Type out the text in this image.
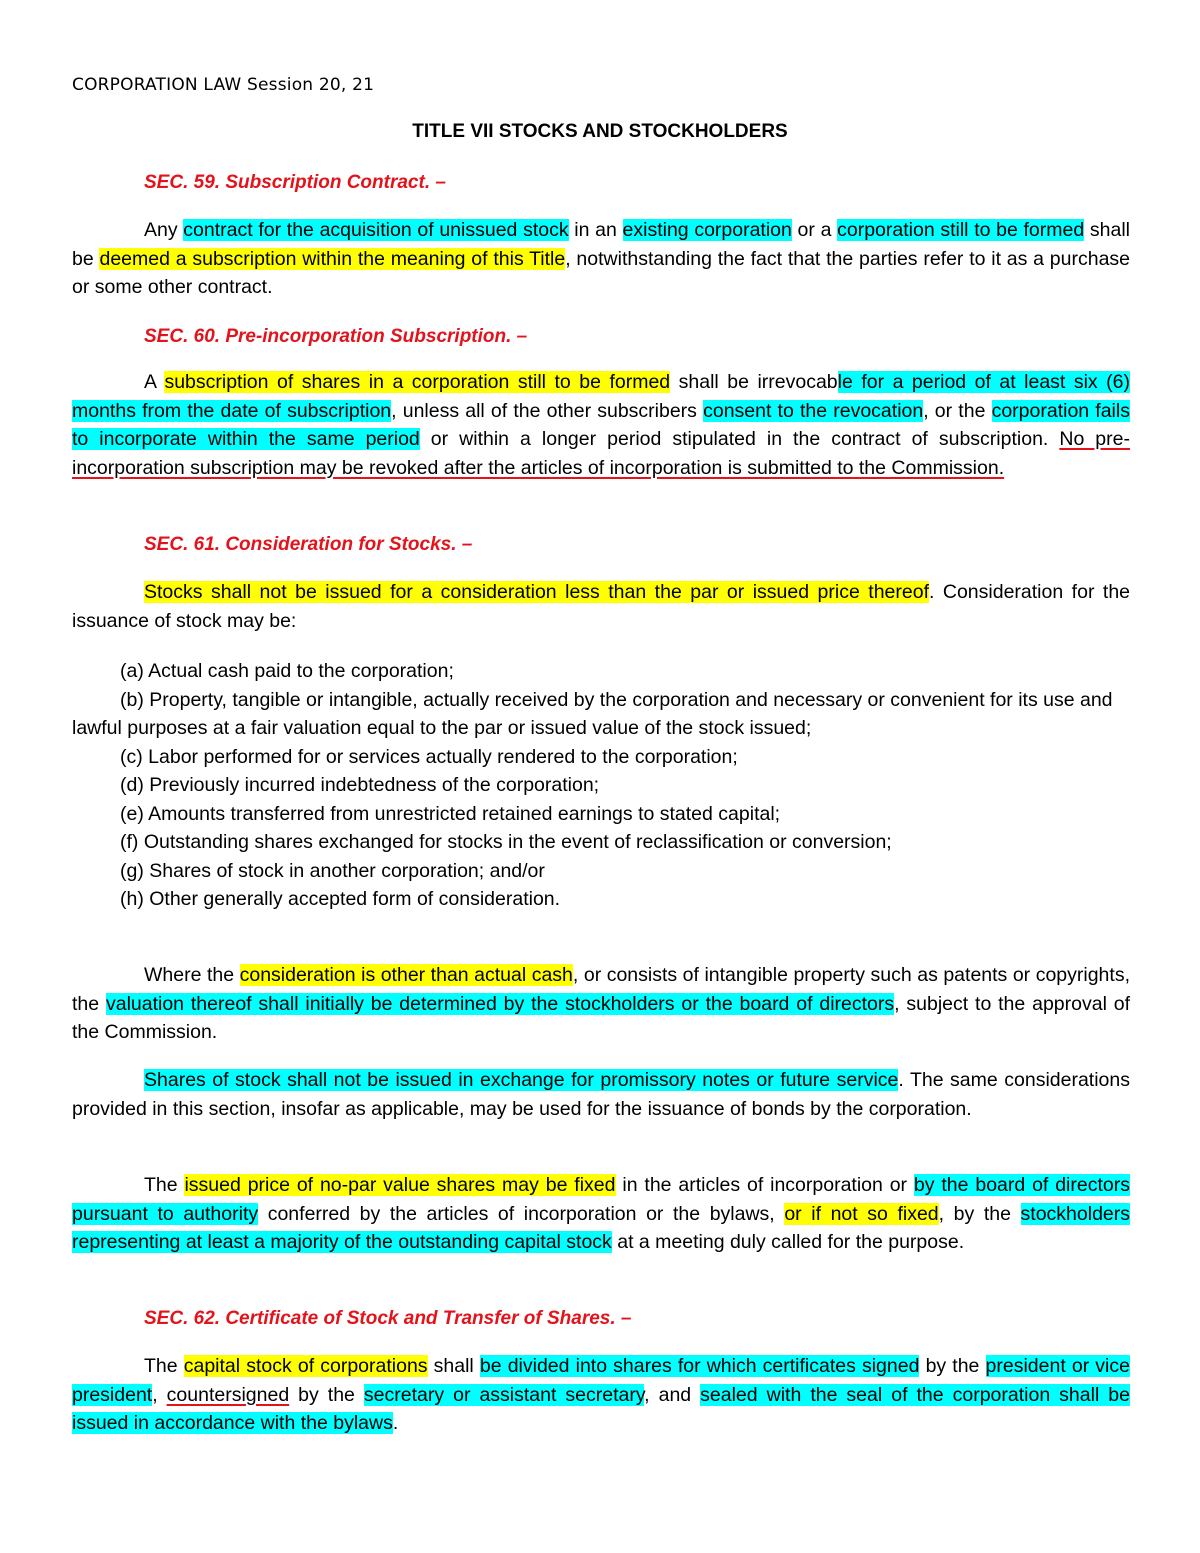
CORPORATION LAW Session 20, 21
TITLE VII STOCKS AND STOCKHOLDERS
SEC. 59. Subscription Contract. –
Any contract for the acquisition of unissued stock in an existing corporation or a corporation still to be formed shall be deemed a subscription within the meaning of this Title, notwithstanding the fact that the parties refer to it as a purchase or some other contract.
SEC. 60. Pre-incorporation Subscription. –
A subscription of shares in a corporation still to be formed shall be irrevocable for a period of at least six (6) months from the date of subscription, unless all of the other subscribers consent to the revocation, or the corporation fails to incorporate within the same period or within a longer period stipulated in the contract of subscription. No pre-incorporation subscription may be revoked after the articles of incorporation is submitted to the Commission.
SEC. 61. Consideration for Stocks. –
Stocks shall not be issued for a consideration less than the par or issued price thereof. Consideration for the issuance of stock may be:
(a) Actual cash paid to the corporation;
(b) Property, tangible or intangible, actually received by the corporation and necessary or convenient for its use and lawful purposes at a fair valuation equal to the par or issued value of the stock issued;
(c) Labor performed for or services actually rendered to the corporation;
(d) Previously incurred indebtedness of the corporation;
(e) Amounts transferred from unrestricted retained earnings to stated capital;
(f) Outstanding shares exchanged for stocks in the event of reclassification or conversion;
(g) Shares of stock in another corporation; and/or
(h) Other generally accepted form of consideration.
Where the consideration is other than actual cash, or consists of intangible property such as patents or copyrights, the valuation thereof shall initially be determined by the stockholders or the board of directors, subject to the approval of the Commission.
Shares of stock shall not be issued in exchange for promissory notes or future service. The same considerations provided in this section, insofar as applicable, may be used for the issuance of bonds by the corporation.
The issued price of no-par value shares may be fixed in the articles of incorporation or by the board of directors pursuant to authority conferred by the articles of incorporation or the bylaws, or if not so fixed, by the stockholders representing at least a majority of the outstanding capital stock at a meeting duly called for the purpose.
SEC. 62. Certificate of Stock and Transfer of Shares. –
The capital stock of corporations shall be divided into shares for which certificates signed by the president or vice president, countersigned by the secretary or assistant secretary, and sealed with the seal of the corporation shall be issued in accordance with the bylaws.
